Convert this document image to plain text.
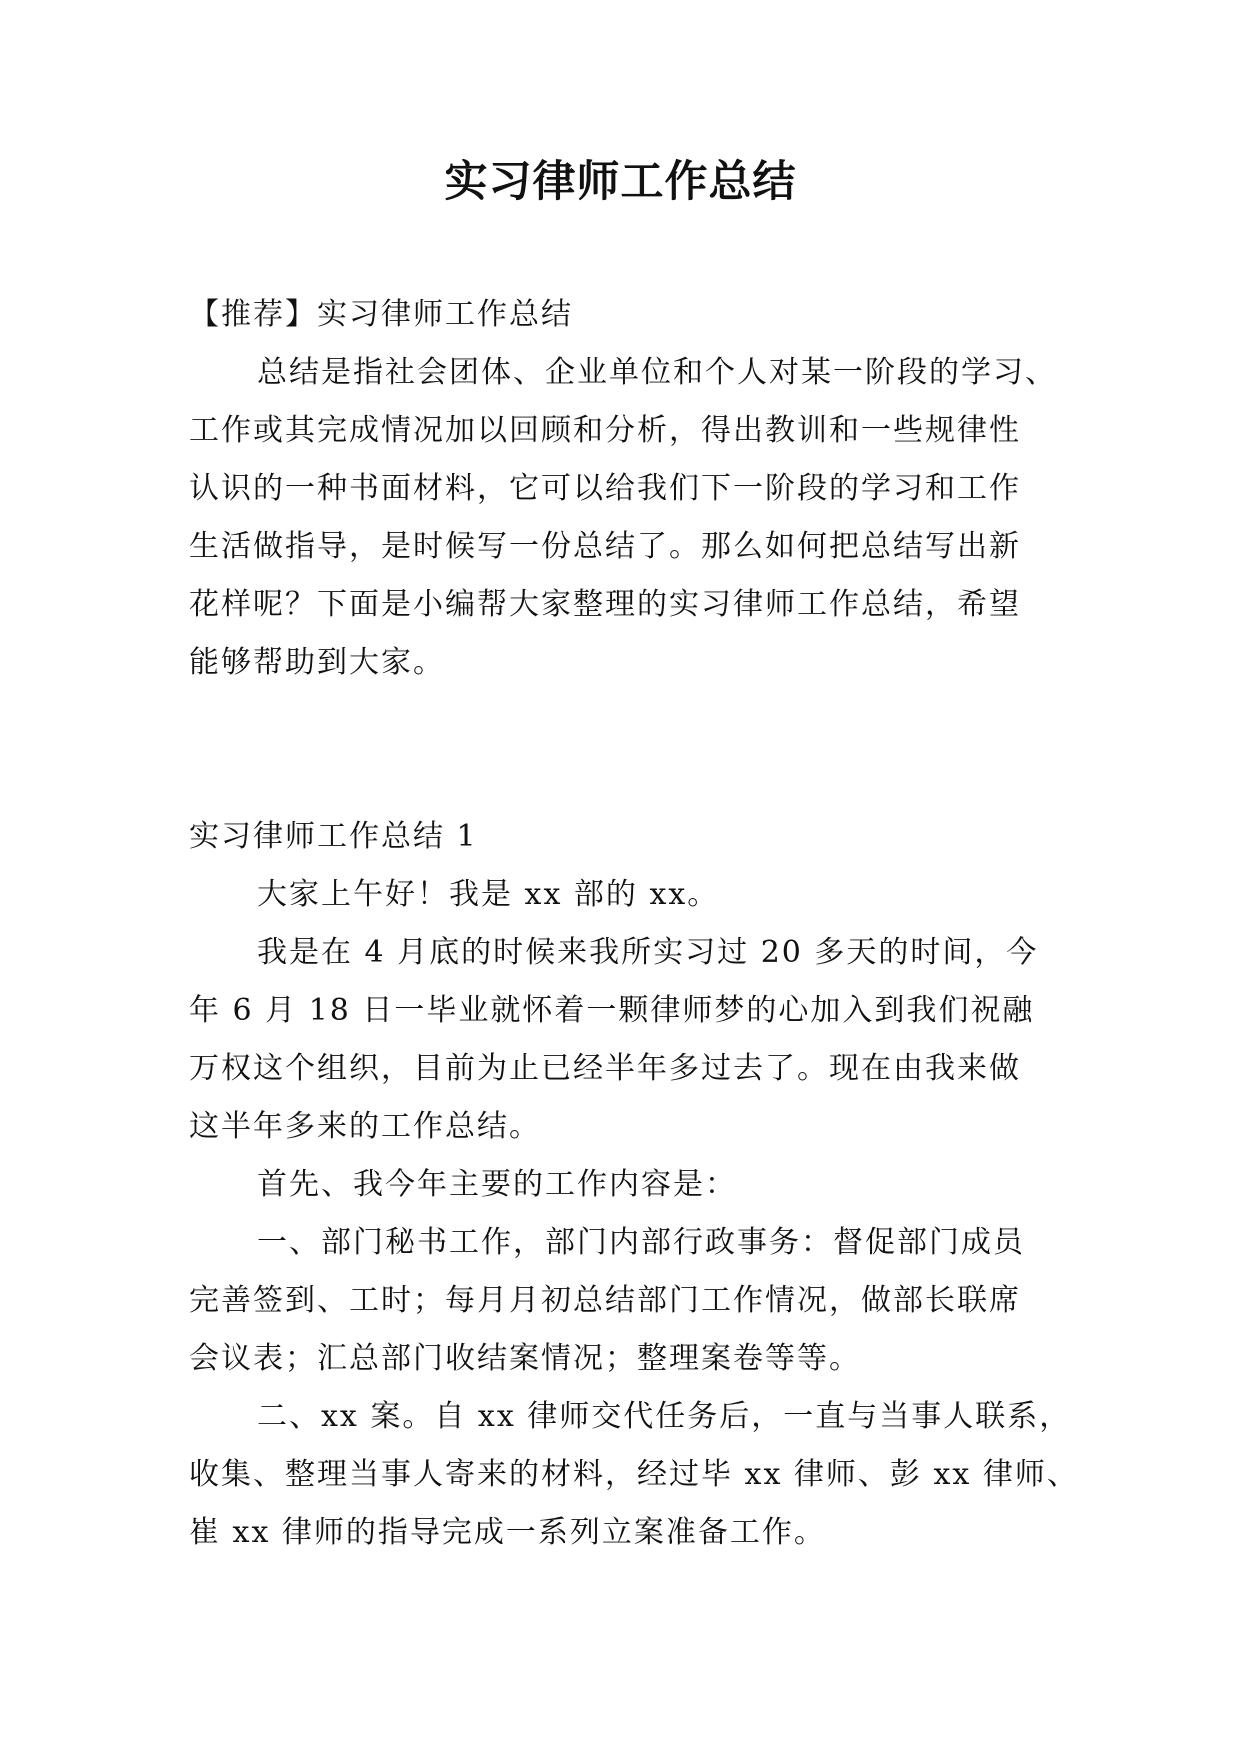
实习律师工作总结
【推荐】实习律师工作总结
总结是指社会团体、企业单位和个人对某一阶段的学习、
工作或其完成情况加以回顾和分析，得出教训和一些规律性
认识的一种书面材料，它可以给我们下一阶段的学习和工作
生活做指导，是时候写一份总结了。那么如何把总结写出新
花样呢？下面是小编帮大家整理的实习律师工作总结，希望
能够帮助到大家。
实习律师工作总结 1
大家上午好！我是 xx 部的 xx。
我是在 4 月底的时候来我所实习过 20 多天的时间，今
年 6 月 18 日一毕业就怀着一颗律师梦的心加入到我们祝融
万权这个组织，目前为止已经半年多过去了。现在由我来做
这半年多来的工作总结。
首先、我今年主要的工作内容是：
一、部门秘书工作，部门内部行政事务：督促部门成员
完善签到、工时；每月月初总结部门工作情况，做部长联席
会议表；汇总部门收结案情况；整理案卷等等。
二、xx 案。自 xx 律师交代任务后，一直与当事人联系，
收集、整理当事人寄来的材料，经过毕 xx 律师、彭 xx 律师、
崔 xx 律师的指导完成一系列立案准备工作。
